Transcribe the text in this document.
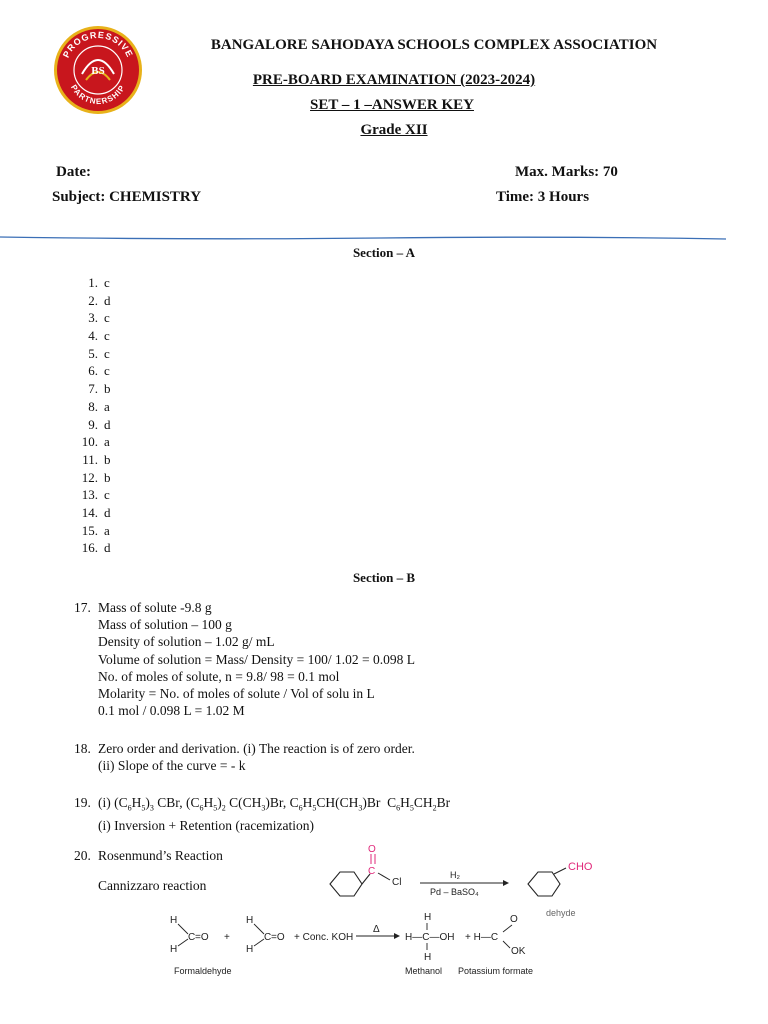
PROGRESSIVE
PARTNERSHIP
BS
BANGALORE SAHODAYA SCHOOLS COMPLEX ASSOCIATION
PRE-BOARD EXAMINATION (2023-2024)
SET – 1 –ANSWER KEY
Grade XII
Date:	Max. Marks: 70
Subject: CHEMISTRY	Time: 3 Hours
Section – A
1. c
2. d
3. c
4. c
5. c
6. c
7. b
8. a
9. d
10. a
11. b
12. b
13. c
14. d
15. a
16. d
Section – B
17. Mass of solute -9.8 g
Mass of solution – 100 g
Density of solution – 1.02 g/ mL
Volume of solution = Mass/ Density = 100/ 1.02 = 0.098 L
No. of moles of solute, n = 9.8/ 98 = 0.1 mol
Molarity = No. of moles of solute / Vol of solu in L
0.1 mol / 0.098 L = 1.02 M
18. Zero order and derivation. (i) The reaction is of zero order.
(ii) Slope of the curve = - k
19. (i) $(C_6H_5)_3$ CBr, $(C_6H_5)_2$ $C(CH_3)Br$, $C_6H_5CH(CH_3)Br$  $C_6H_5CH_2Br$
(i) Inversion + Retention (racemization)
20. Rosenmund’s Reaction
Cannizzaro reaction
O
C
Cl
H₂
Pd – BaSO₄
CHO
dehyde
H
H
C =O +
H
H
C =O + Conc. KOH
Δ
H
H—C—OH
H
O
+ H—C
OK
Formaldehyde	Methanol Potassium formate
